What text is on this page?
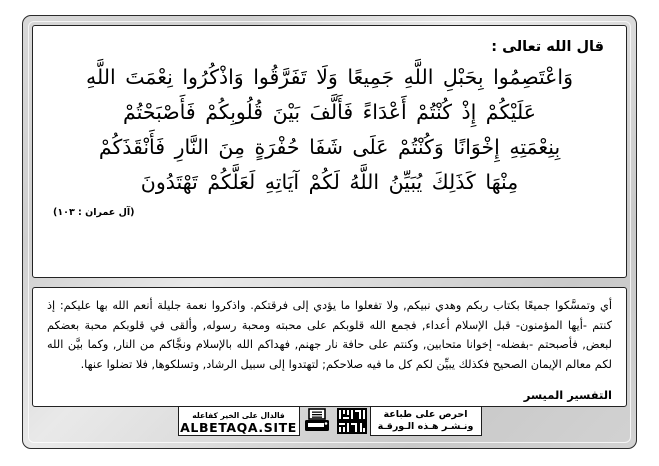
قال الله تعالى :
وَاعْتَصِمُوا بِحَبْلِ اللَّهِ جَمِيعًا وَلَا تَفَرَّقُوا وَاذْكُرُوا نِعْمَتَ اللَّهِ
عَلَيْكُمْ إِذْ كُنْتُمْ أَعْدَاءً فَأَلَّفَ بَيْنَ قُلُوبِكُمْ فَأَصْبَحْتُمْ
بِنِعْمَتِهِ إِخْوَانًا وَكُنْتُمْ عَلَى شَفَا حُفْرَةٍ مِنَ النَّارِ فَأَنْقَذَكُمْ
مِنْهَا كَذَلِكَ يُبَيِّنُ اللَّهُ لَكُمْ آيَاتِهِ لَعَلَّكُمْ تَهْتَدُونَ
(آل عمران : ١٠٣)
أي وتمسَّكوا جميعًا بكتاب ربكم وهدي نبيكم, ولا تفعلوا ما يؤدي إلى فرقتكم. واذكروا نعمة جليلة أنعم الله بها عليكم: إذ كنتم -أيها المؤمنون- قبل الإسلام أعداء, فجمع الله قلوبكم على محبته ومحبة رسوله, وألقى في قلوبكم محبة بعضكم لبعض, فأصبحتم -بفضله- إخوانا متحابين, وكنتم على حافة نار جهنم, فهداكم الله بالإسلام ونجَّاكم من النار, وكما بيَّن الله لكم معالم الإيمان الصحيح فكذلك يبيِّن لكم كل ما فيه صلاحكم; لتهتدوا إلى سبيل الرشاد, وتسلكوها, فلا تضلوا عنها.
التفسير الميسر
احرص على طباعة
ونـشـر هـذه الـورقـة
فالدال على الخير كفاعله
ALBETAQA.SITE
